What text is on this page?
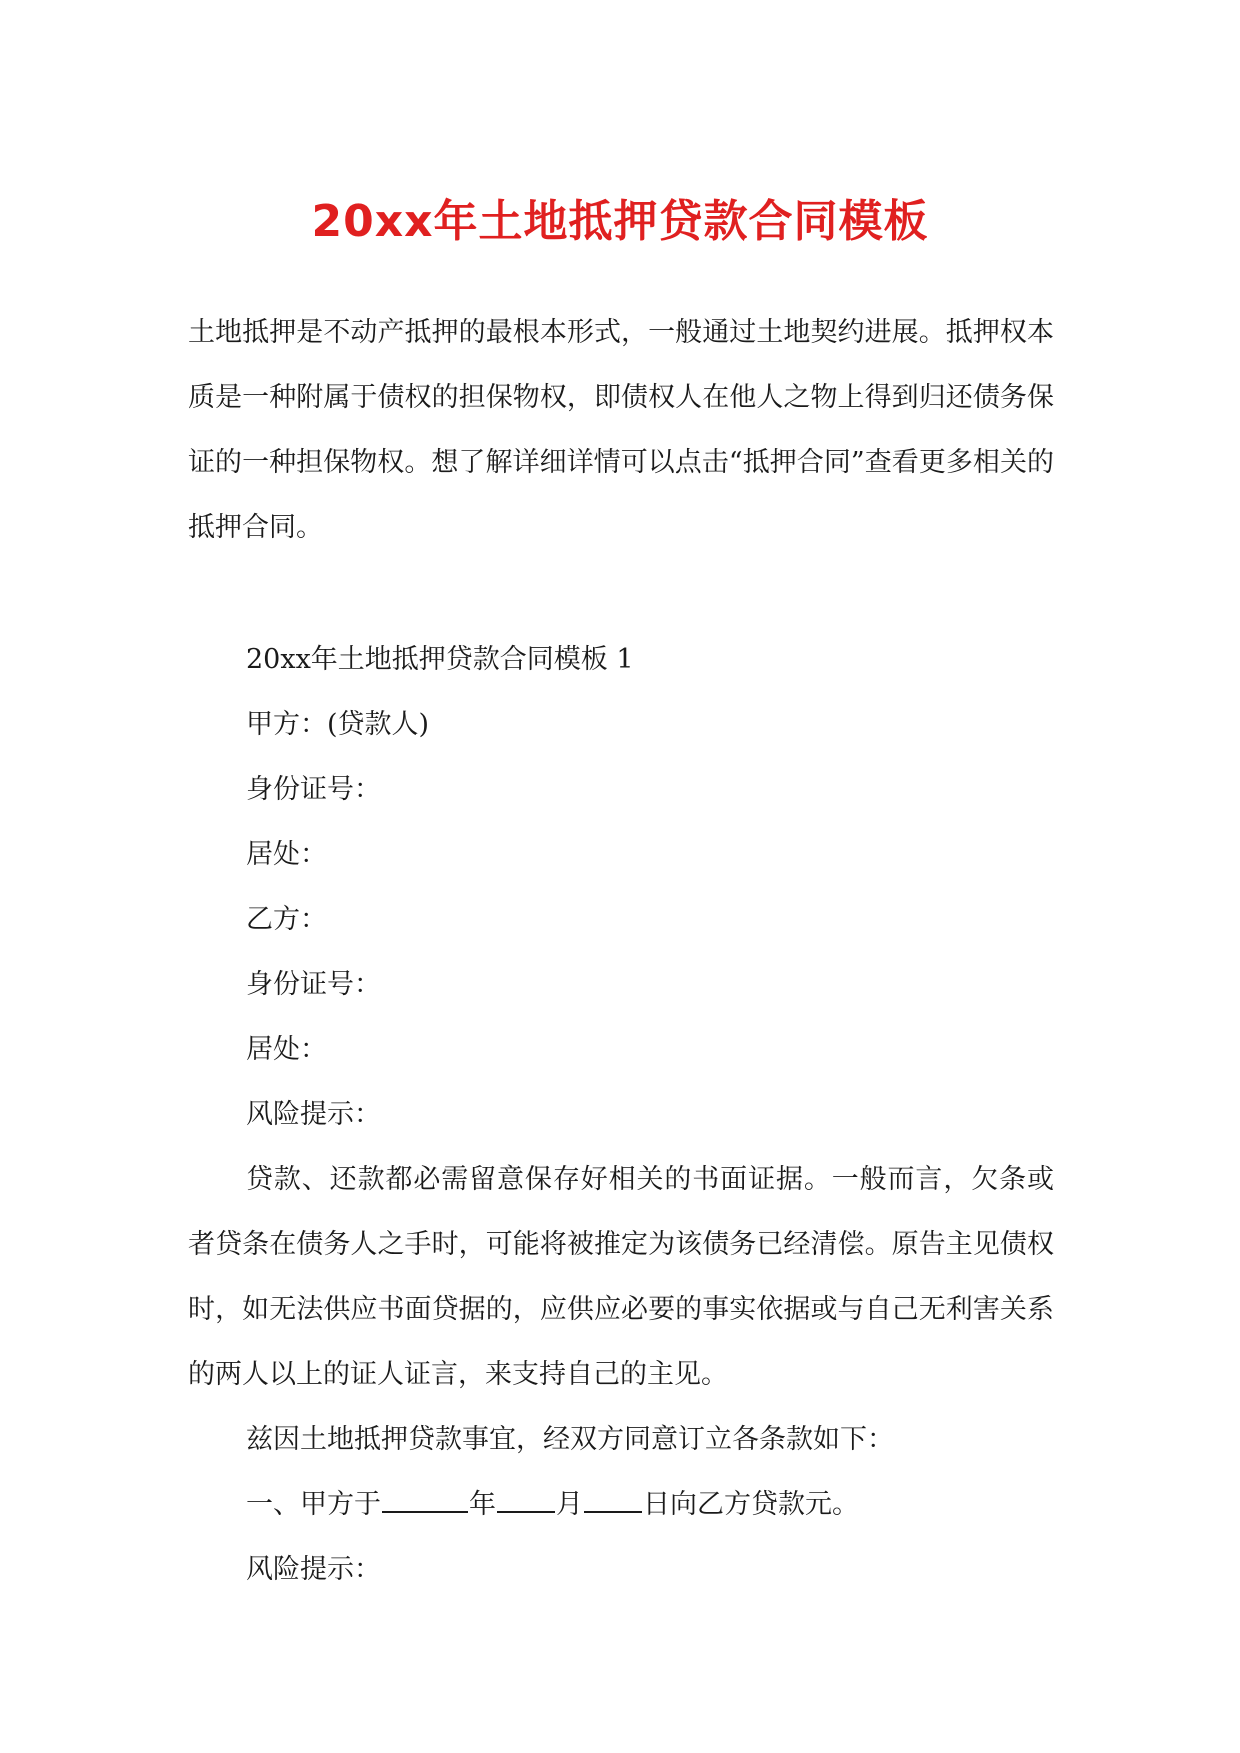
20xx年土地抵押贷款合同模板

土地抵押是不动产抵押的最根本形式，一般通过土地契约进展。抵押权本质是一种附属于债权的担保物权，即债权人在他人之物上得到归还债务保证的一种担保物权。想了解详细详情可以点击“抵押合同”查看更多相关的抵押合同。

20xx年土地抵押贷款合同模板 1

甲方：(贷款人)

身份证号：

居处：

乙方：

身份证号：

居处：

风险提示：

贷款、还款都必需留意保存好相关的书面证据。一般而言，欠条或者贷条在债务人之手时，可能将被推定为该债务已经清偿。原告主见债权时，如无法供应书面贷据的，应供应必要的事实依据或与自己无利害关系的两人以上的证人证言，来支持自己的主见。

兹因土地抵押贷款事宜，经双方同意订立各条款如下：

一、甲方于	年 月 日向乙方贷款元。

风险提示：
